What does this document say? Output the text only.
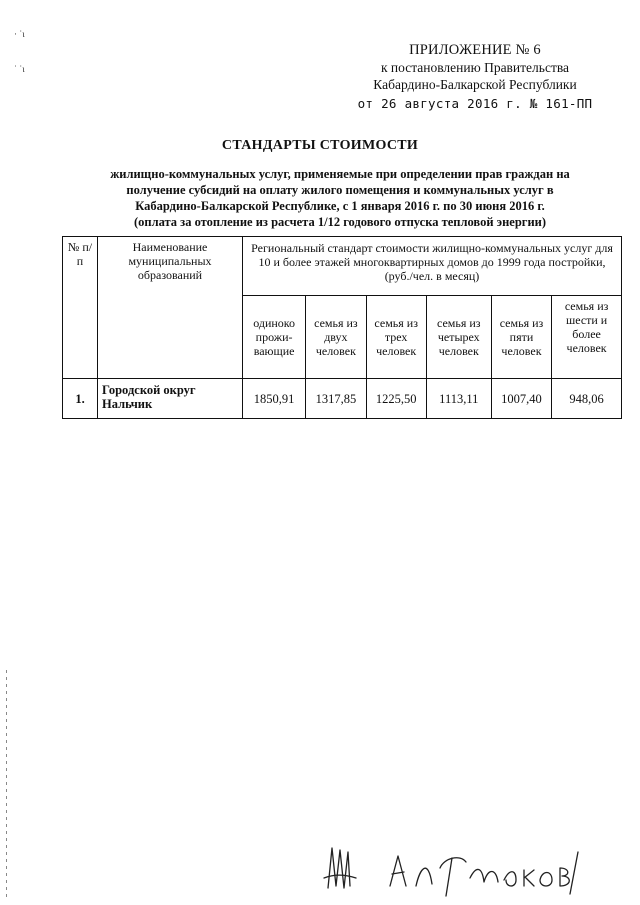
· ˙ɩ
˙ ˙ɩ
ПРИЛОЖЕНИЕ № 6
к постановлению Правительства
Кабардино-Балкарской Республики
от 26 августа 2016 г. № 161-ПП
СТАНДАРТЫ СТОИМОСТИ
жилищно-коммунальных услуг, применяемые при определении прав граждан на
получение субсидий на оплату жилого помещения и коммунальных услуг в
Кабардино-Балкарской Республике, с 1 января 2016 г. по 30 июня 2016 г.
(оплата за отопление из расчета 1/12 годового отпуска тепловой энергии)
№ п/п	Наименование муниципальных образований	Региональный стандарт стоимости жилищно-коммунальных услуг для 10 и более этажей многоквартирных домов до 1999 года постройки, (руб./чел. в месяц)					
		одиноко прожи-вающие	семья из двух человек	семья из трех человек	семья из четырех человек	семья из пяти человек	семья из шести и более человек
1.	Городской округ Нальчик	1850,91	1317,85	1225,50	1113,11	1007,40	948,06
